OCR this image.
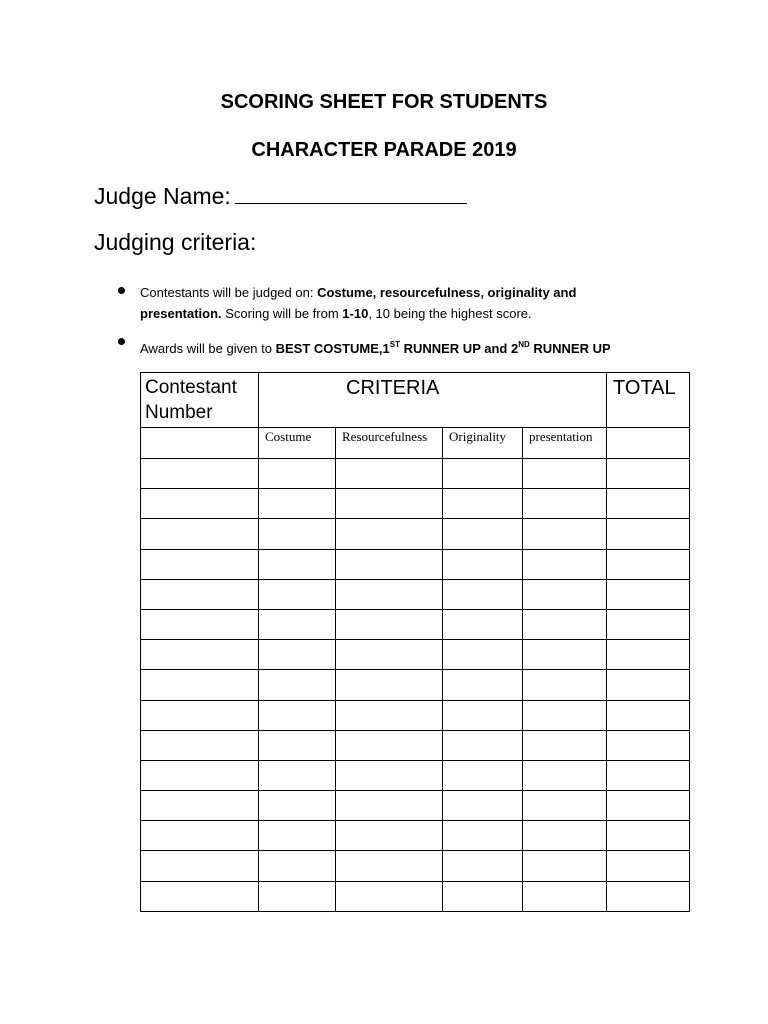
SCORING SHEET FOR STUDENTS
CHARACTER PARADE 2019
Judge Name:
Judging criteria:
Contestants will be judged on: Costume, resourcefulness, originality and presentation. Scoring will be from 1-10, 10 being the highest score.
Awards will be given to BEST COSTUME,1ST RUNNER UP and 2ND RUNNER UP
Contestant Number	CRITERIA				TOTAL
	Costume	Resourcefulness	Originality	presentation	
